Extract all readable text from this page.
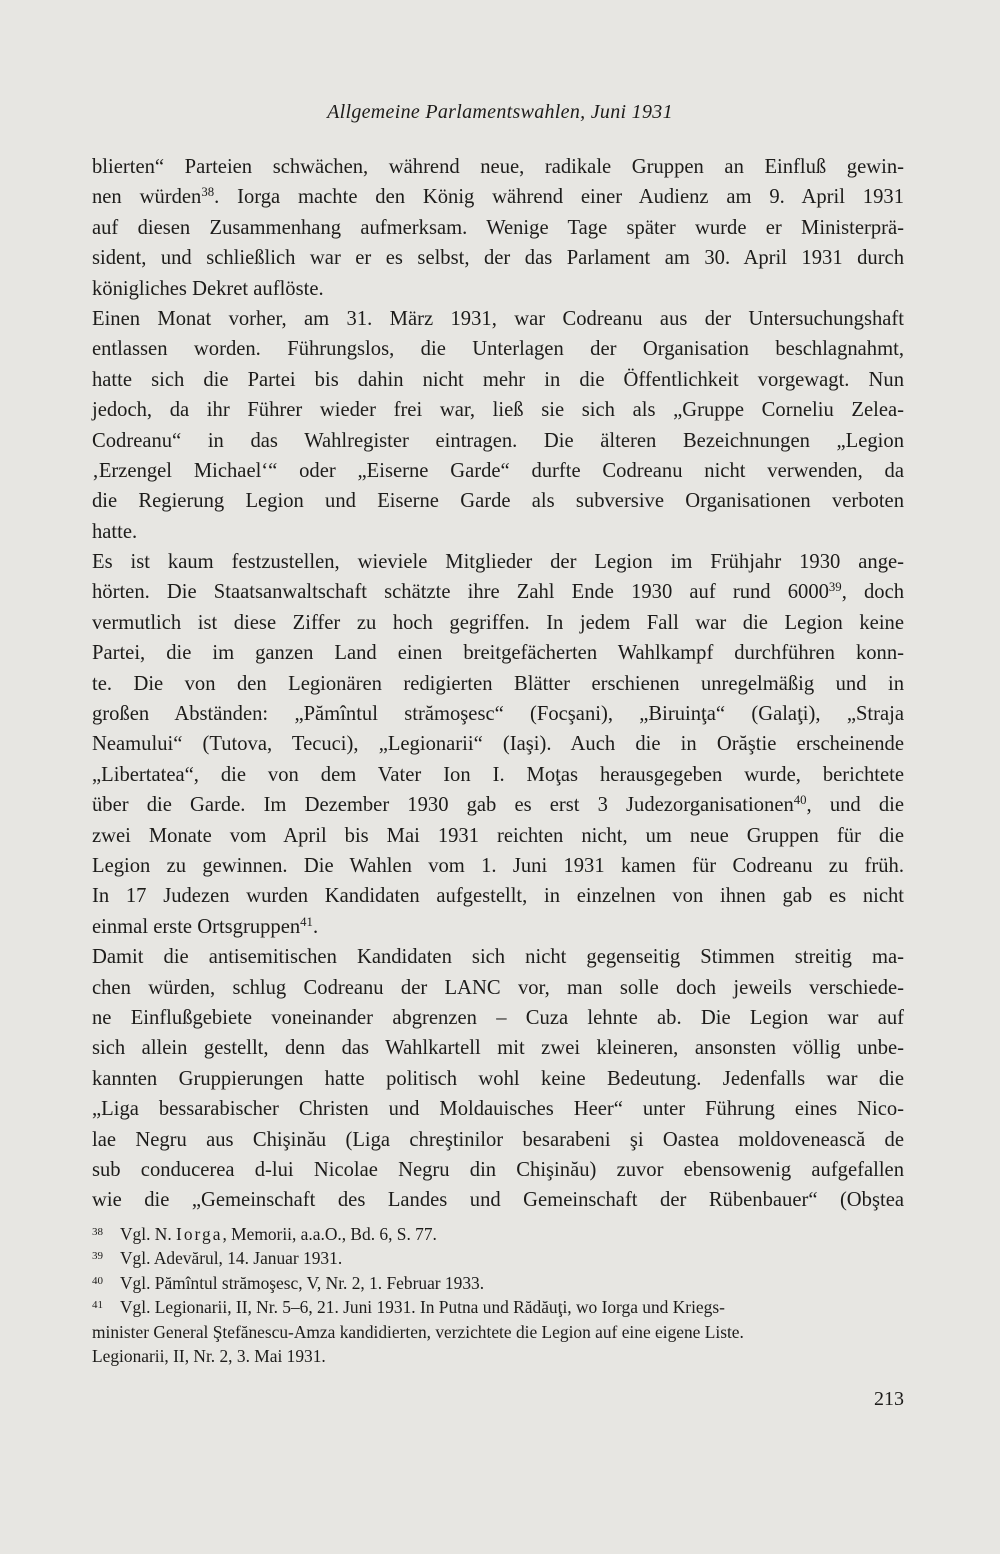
Allgemeine Parlamentswahlen, Juni 1931
blierten“ Parteien schwächen, während neue, radikale Gruppen an Einfluß gewin-
nen würden$^{38}$. Iorga machte den König während einer Audienz am 9. April 1931
auf diesen Zusammenhang aufmerksam. Wenige Tage später wurde er Ministerprä-
sident, und schließlich war er es selbst, der das Parlament am 30. April 1931 durch
königliches Dekret auflöste.
Einen Monat vorher, am 31. März 1931, war Codreanu aus der Untersuchungshaft
entlassen worden. Führungslos, die Unterlagen der Organisation beschlagnahmt,
hatte sich die Partei bis dahin nicht mehr in die Öffentlichkeit vorgewagt. Nun
jedoch, da ihr Führer wieder frei war, ließ sie sich als „Gruppe Corneliu Zelea-
Codreanu“ in das Wahlregister eintragen. Die älteren Bezeichnungen „Legion
‚Erzengel Michael‘“ oder „Eiserne Garde“ durfte Codreanu nicht verwenden, da
die Regierung Legion und Eiserne Garde als subversive Organisationen verboten
hatte.
Es ist kaum festzustellen, wieviele Mitglieder der Legion im Frühjahr 1930 ange-
hörten. Die Staatsanwaltschaft schätzte ihre Zahl Ende 1930 auf rund 6000$^{39}$, doch
vermutlich ist diese Ziffer zu hoch gegriffen. In jedem Fall war die Legion keine
Partei, die im ganzen Land einen breitgefächerten Wahlkampf durchführen konn-
te. Die von den Legionären redigierten Blätter erschienen unregelmäßig und in
großen Abständen: „Pămîntul strămoşesc“ (Focşani), „Biruinţa“ (Galaţi), „Straja
Neamului“ (Tutova, Tecuci), „Legionarii“ (Iaşi). Auch die in Orăştie erscheinende
„Libertatea“, die von dem Vater Ion I. Moţas herausgegeben wurde, berichtete
über die Garde. Im Dezember 1930 gab es erst 3 Judezorganisationen$^{40}$, und die
zwei Monate vom April bis Mai 1931 reichten nicht, um neue Gruppen für die
Legion zu gewinnen. Die Wahlen vom 1. Juni 1931 kamen für Codreanu zu früh.
In 17 Judezen wurden Kandidaten aufgestellt, in einzelnen von ihnen gab es nicht
einmal erste Ortsgruppen$^{41}$.
Damit die antisemitischen Kandidaten sich nicht gegenseitig Stimmen streitig ma-
chen würden, schlug Codreanu der LANC vor, man solle doch jeweils verschiede-
ne Einflußgebiete voneinander abgrenzen – Cuza lehnte ab. Die Legion war auf
sich allein gestellt, denn das Wahlkartell mit zwei kleineren, ansonsten völlig unbe-
kannten Gruppierungen hatte politisch wohl keine Bedeutung. Jedenfalls war die
„Liga bessarabischer Christen und Moldauisches Heer“ unter Führung eines Nico-
lae Negru aus Chişinău (Liga chreştinilor besarabeni şi Oastea moldovenească de
sub conducerea d-lui Nicolae Negru din Chişinău) zuvor ebensowenig aufgefallen
wie die „Gemeinschaft des Landes und Gemeinschaft der Rübenbauer“ (Obştea
38 Vgl. N. Iorga, Memorii, a.a.O., Bd. 6, S. 77.
39 Vgl. Adevărul, 14. Januar 1931.
40 Vgl. Pămîntul strămoşesc, V, Nr. 2, 1. Februar 1933.
41 Vgl. Legionarii, II, Nr. 5–6, 21. Juni 1931. In Putna und Rădăuţi, wo Iorga und Kriegs-
minister General Ştefănescu-Amza kandidierten, verzichtete die Legion auf eine eigene Liste.
Legionarii, II, Nr. 2, 3. Mai 1931.
213
